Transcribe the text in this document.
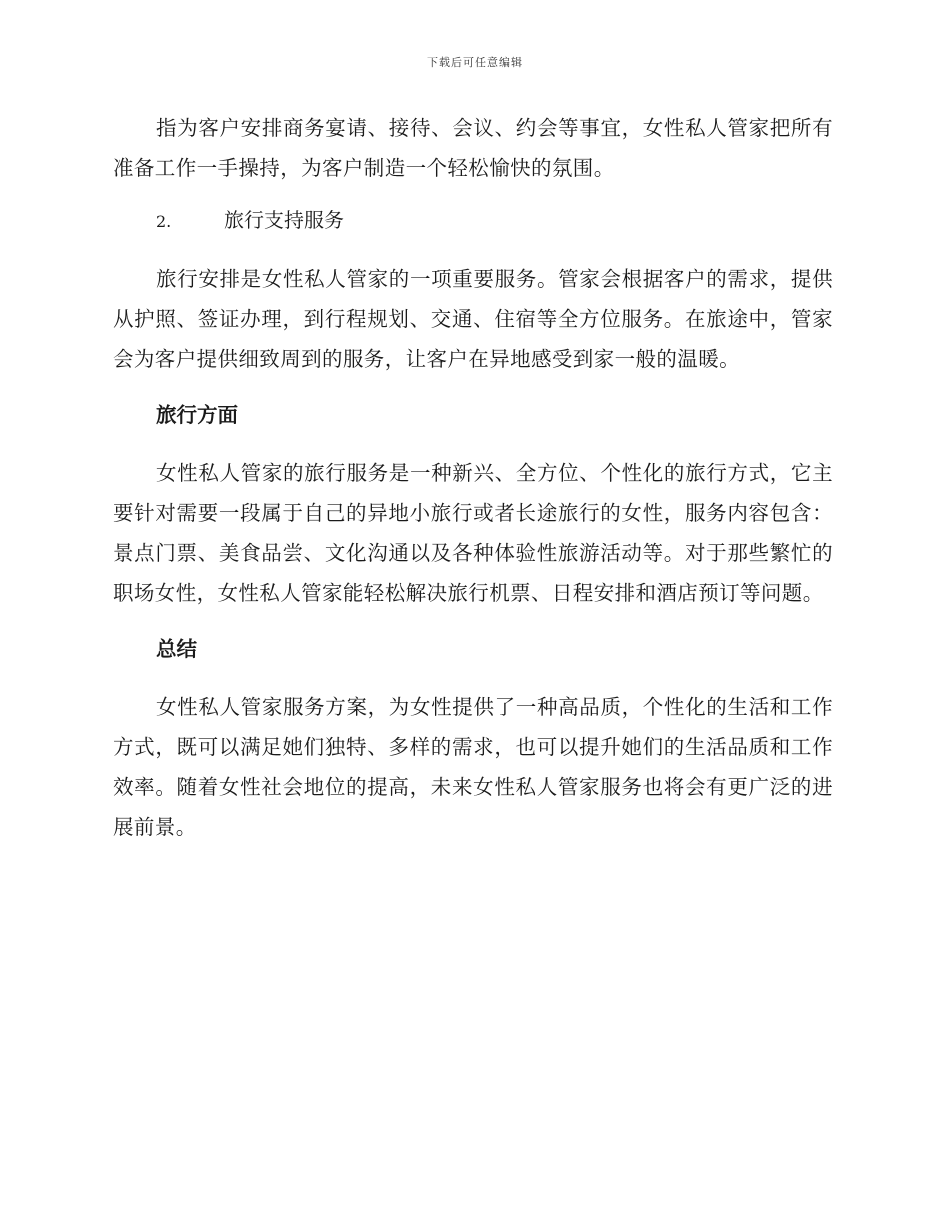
下载后可任意编辑

指为客户安排商务宴请、接待、会议、约会等事宜，女性私人管家把所有准备工作一手操持，为客户制造一个轻松愉快的氛围。

2.	旅行支持服务

旅行安排是女性私人管家的一项重要服务。管家会根据客户的需求，提供从护照、签证办理，到行程规划、交通、住宿等全方位服务。在旅途中，管家会为客户提供细致周到的服务，让客户在异地感受到家一般的温暖。

旅行方面

女性私人管家的旅行服务是一种新兴、全方位、个性化的旅行方式，它主要针对需要一段属于自己的异地小旅行或者长途旅行的女性，服务内容包含：景点门票、美食品尝、文化沟通以及各种体验性旅游活动等。对于那些繁忙的职场女性，女性私人管家能轻松解决旅行机票、日程安排和酒店预订等问题。

总结

女性私人管家服务方案，为女性提供了一种高品质，个性化的生活和工作方式，既可以满足她们独特、多样的需求，也可以提升她们的生活品质和工作效率。随着女性社会地位的提高，未来女性私人管家服务也将会有更广泛的进展前景。
